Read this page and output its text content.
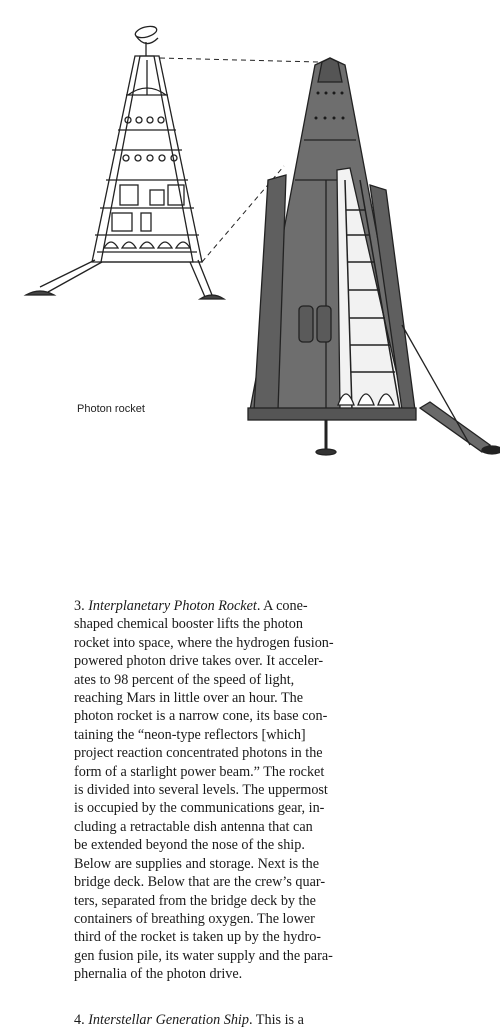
Photon rocket
3. Interplanetary Photon Rocket. A cone-
shaped chemical booster lifts the photon
rocket into space, where the hydrogen fusion-
powered photon drive takes over. It acceler-
ates to 98 percent of the speed of light,
reaching Mars in little over an hour. The
photon rocket is a narrow cone, its base con-
taining the “neon-type reflectors [which]
project reaction concentrated photons in the
form of a starlight power beam.” The rocket
is divided into several levels. The uppermost
is occupied by the communications gear, in-
cluding a retractable dish antenna that can
be extended beyond the nose of the ship.
Below are supplies and storage. Next is the
bridge deck. Below that are the crew’s quar-
ters, separated from the bridge deck by the
containers of breathing oxygen. The lower
third of the rocket is taken up by the hydro-
gen fusion pile, its water supply and the para-
phernalia of the photon drive.
4. Interstellar Generation Ship. This is a
